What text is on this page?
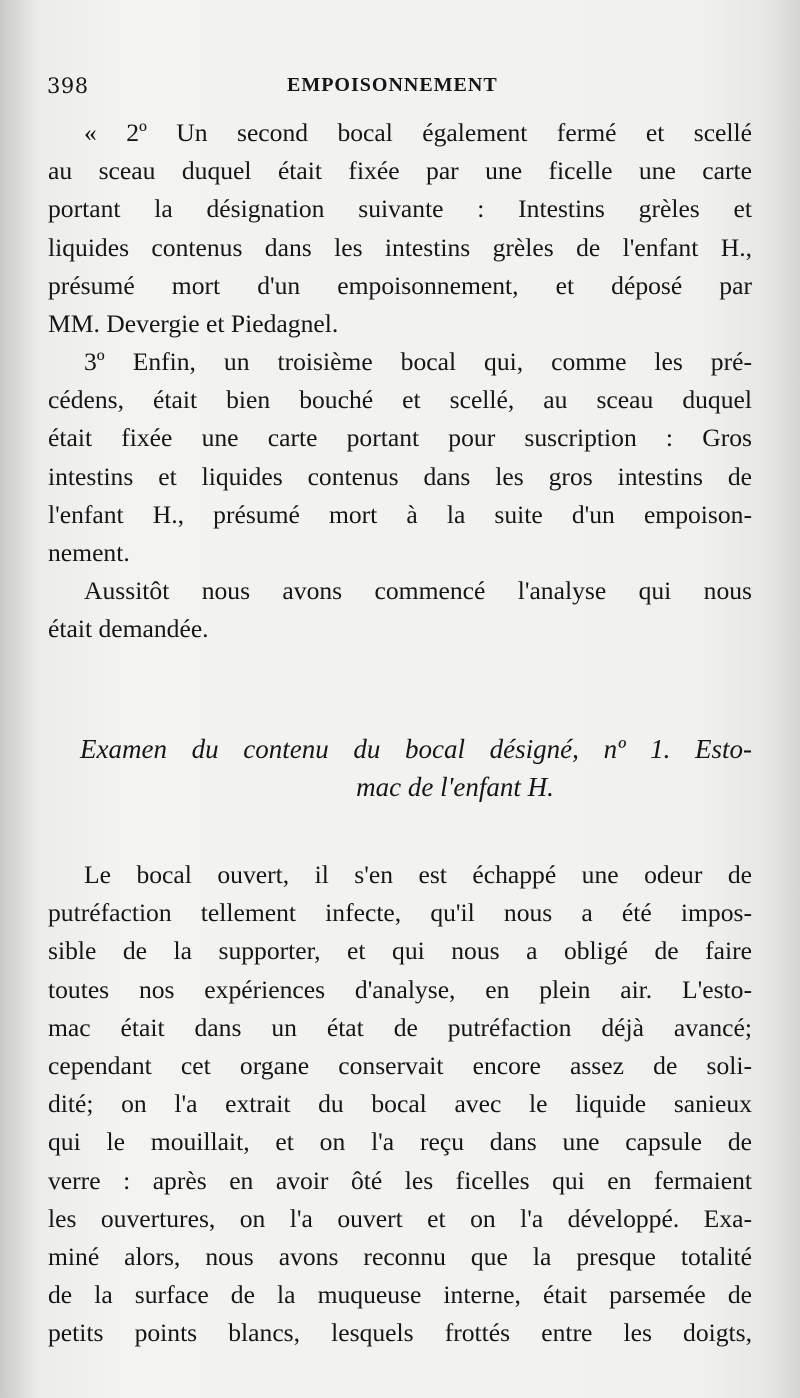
398	EMPOISONNEMENT
« 2º Un second bocal également fermé et scellé
au sceau duquel était fixée par une ficelle une carte
portant la désignation suivante : Intestins grèles et
liquides contenus dans les intestins grèles de l'enfant H.,
présumé mort d'un empoisonnement, et déposé par
MM. Devergie et Piedagnel.
3º Enfin, un troisième bocal qui, comme les pré-
cédens, était bien bouché et scellé, au sceau duquel
était fixée une carte portant pour suscription : Gros
intestins et liquides contenus dans les gros intestins de
l'enfant H., présumé mort à la suite d'un empoison-
nement.
Aussitôt nous avons commencé l'analyse qui nous
était demandée.
Examen du contenu du bocal désigné, nº 1. Esto-
mac de l'enfant H.
Le bocal ouvert, il s'en est échappé une odeur de
putréfaction tellement infecte, qu'il nous a été impos-
sible de la supporter, et qui nous a obligé de faire
toutes nos expériences d'analyse, en plein air. L'esto-
mac était dans un état de putréfaction déjà avancé;
cependant cet organe conservait encore assez de soli-
dité; on l'a extrait du bocal avec le liquide sanieux
qui le mouillait, et on l'a reçu dans une capsule de
verre : après en avoir ôté les ficelles qui en fermaient
les ouvertures, on l'a ouvert et on l'a développé. Exa-
miné alors, nous avons reconnu que la presque totalité
de la surface de la muqueuse interne, était parsemée de
petits points blancs, lesquels frottés entre les doigts,
